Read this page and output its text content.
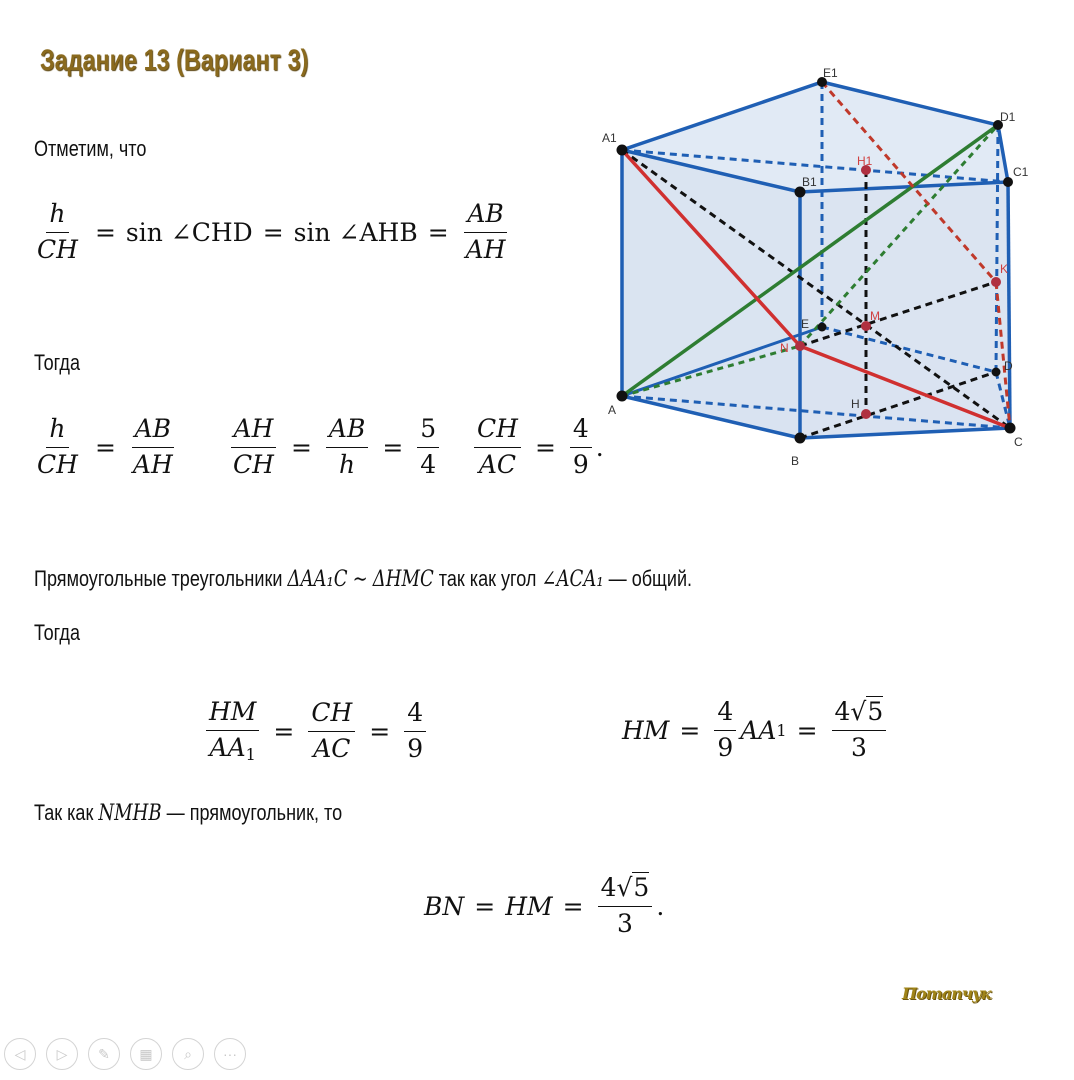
Задание 13 (Вариант 3)
Отметим, что
$\frac{h}{CH} = \sin$ ∠CHD = sin ∠AHB = $\frac{AB}{AH}$
Тогда
$\frac{h}{CH} = \frac{AB}{AH} \frac{AH}{CH} = \frac{AB}{h} = \frac{5}{4} \frac{CH}{AC} = \frac{4}{9}$ .
Прямоугольные треугольники ΔAA₁C ∼ ΔHMC так как угол ∠ACA₁ — общий.
Тогда
$\frac{HM}{AA_1} = \frac{CH}{AC} = \frac{4}{9}$	HM = $\frac{4}{9}$ AA $1 = \frac{4√5}{3}$
Так как NMHB — прямоугольник, то
BN = HM = $\frac{4√5}{3}$ .
A1
E1
D1
B1
C1
H1
K
E
M
N
D
A	H
B
C
Потапчук
◁	▷	✎	▦	⌕	···
